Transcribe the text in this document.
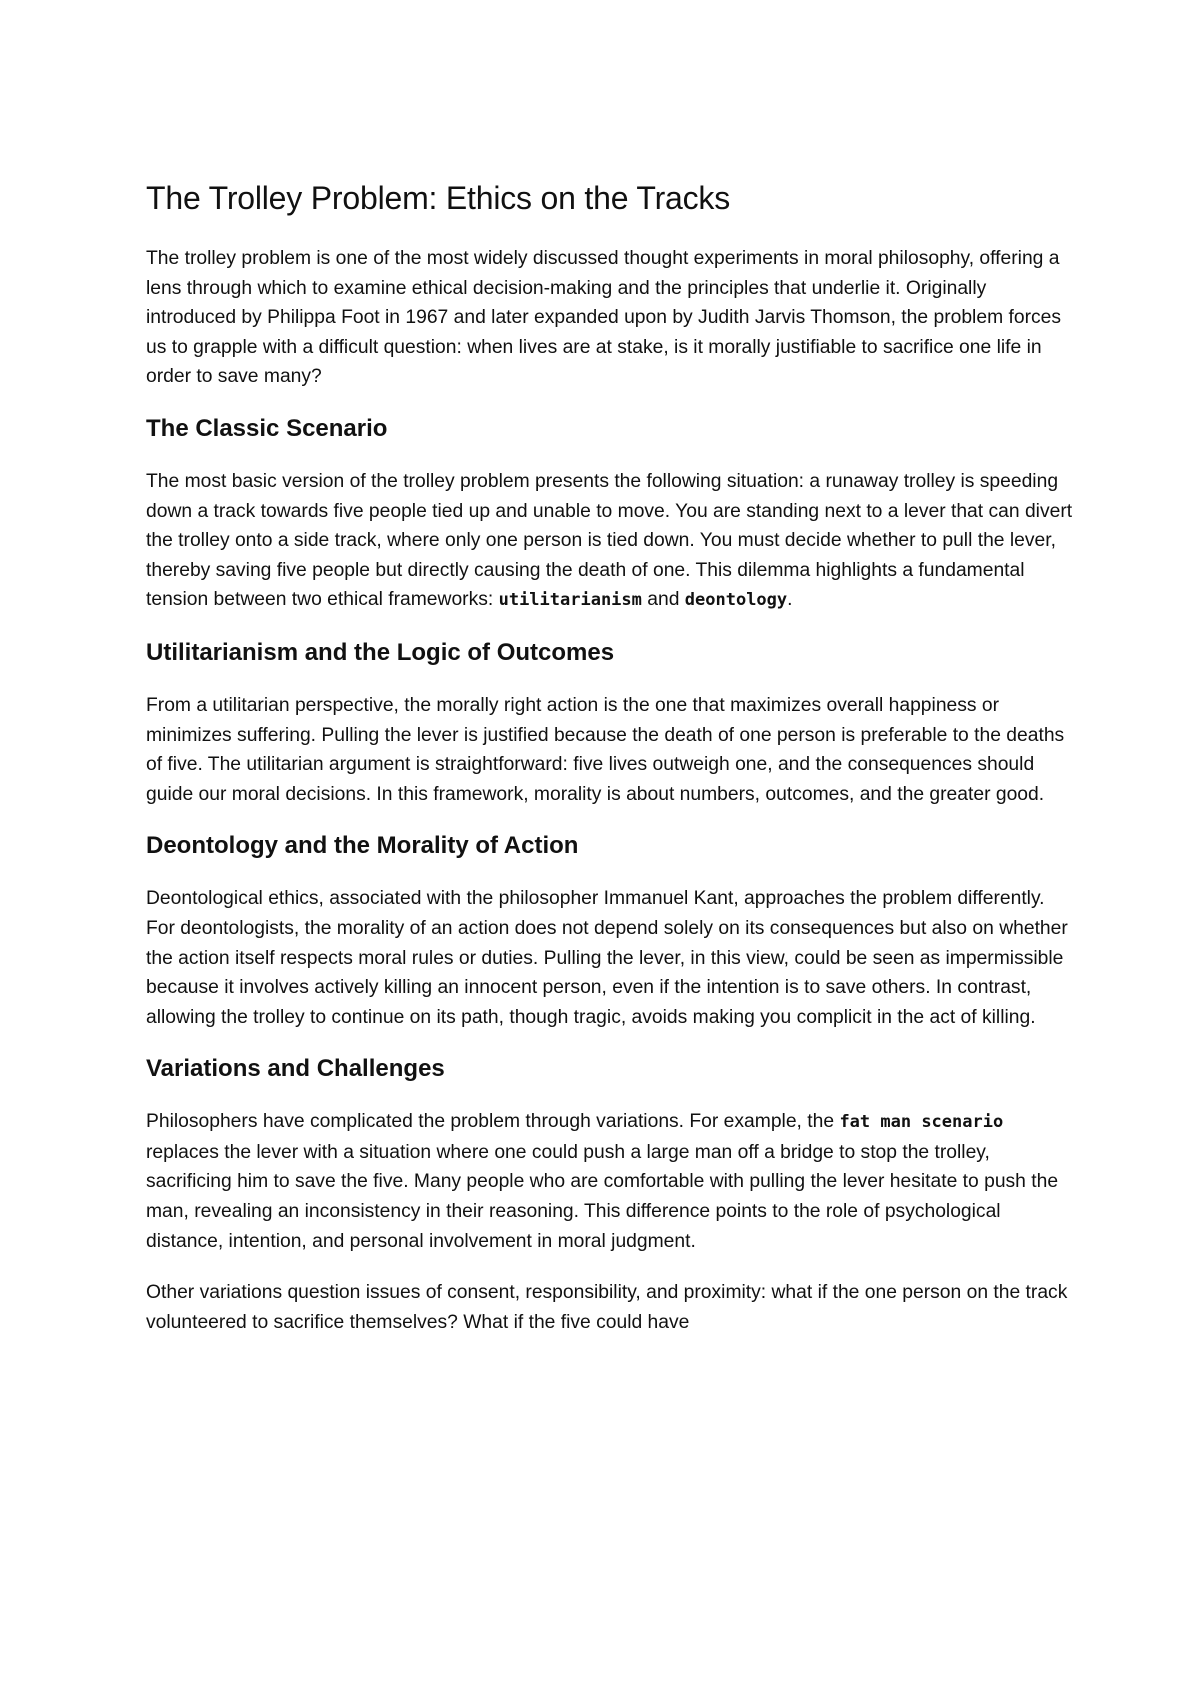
The Trolley Problem: Ethics on the Tracks

The trolley problem is one of the most widely discussed thought experiments in moral philosophy, offering a lens through which to examine ethical decision-making and the principles that underlie it. Originally introduced by Philippa Foot in 1967 and later expanded upon by Judith Jarvis Thomson, the problem forces us to grapple with a difficult question: when lives are at stake, is it morally justifiable to sacrifice one life in order to save many?

The Classic Scenario

The most basic version of the trolley problem presents the following situation: a runaway trolley is speeding down a track towards five people tied up and unable to move. You are standing next to a lever that can divert the trolley onto a side track, where only one person is tied down. You must decide whether to pull the lever, thereby saving five people but directly causing the death of one. This dilemma highlights a fundamental tension between two ethical frameworks: utilitarianism and deontology.

Utilitarianism and the Logic of Outcomes

From a utilitarian perspective, the morally right action is the one that maximizes overall happiness or minimizes suffering. Pulling the lever is justified because the death of one person is preferable to the deaths of five. The utilitarian argument is straightforward: five lives outweigh one, and the consequences should guide our moral decisions. In this framework, morality is about numbers, outcomes, and the greater good.

Deontology and the Morality of Action

Deontological ethics, associated with the philosopher Immanuel Kant, approaches the problem differently. For deontologists, the morality of an action does not depend solely on its consequences but also on whether the action itself respects moral rules or duties. Pulling the lever, in this view, could be seen as impermissible because it involves actively killing an innocent person, even if the intention is to save others. In contrast, allowing the trolley to continue on its path, though tragic, avoids making you complicit in the act of killing.

Variations and Challenges

Philosophers have complicated the problem through variations. For example, the fat man scenario replaces the lever with a situation where one could push a large man off a bridge to stop the trolley, sacrificing him to save the five. Many people who are comfortable with pulling the lever hesitate to push the man, revealing an inconsistency in their reasoning. This difference points to the role of psychological distance, intention, and personal involvement in moral judgment.

Other variations question issues of consent, responsibility, and proximity: what if the one person on the track volunteered to sacrifice themselves? What if the five could have
